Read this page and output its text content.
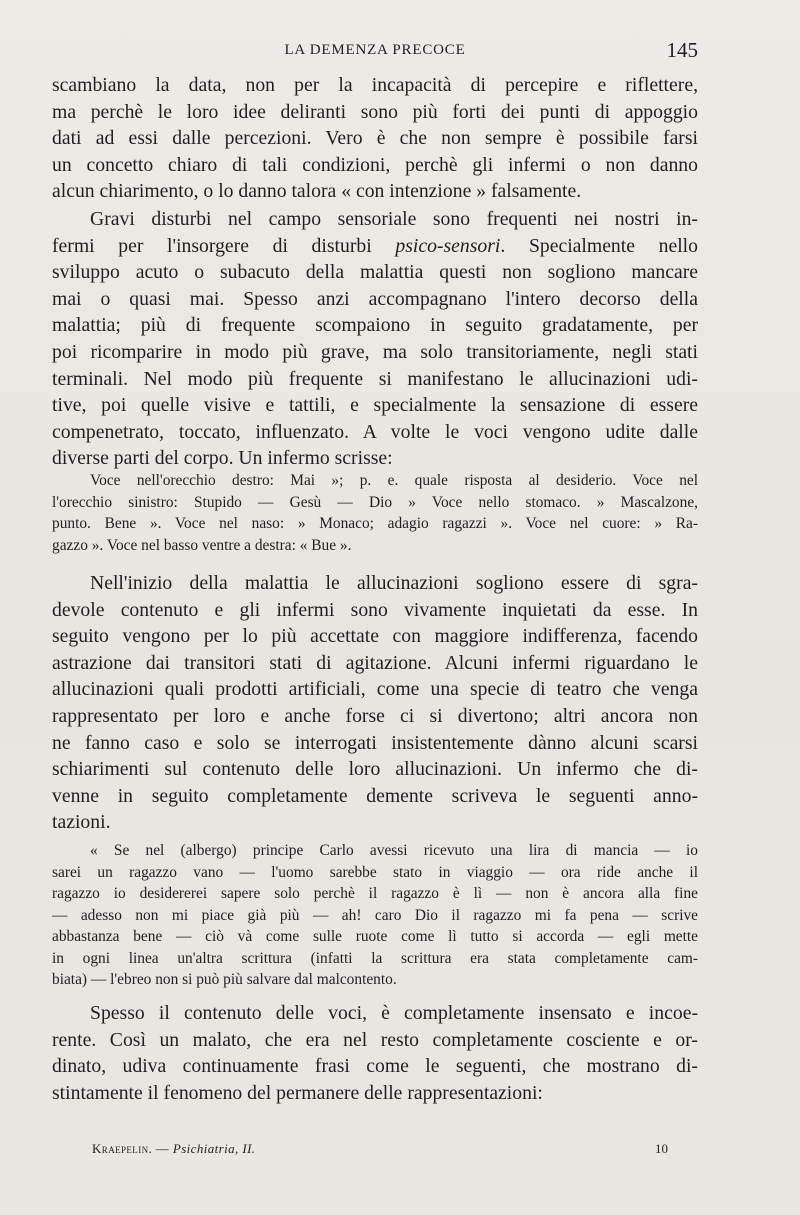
LA DEMENZA PRECOCE	145

scambiano la data, non per la incapacità di percepire e riflettere,
ma perchè le loro idee deliranti sono più forti dei punti di appoggio
dati ad essi dalle percezioni. Vero è che non sempre è possibile farsi
un concetto chiaro di tali condizioni, perchè gli infermi o non danno
alcun chiarimento, o lo danno talora « con intenzione » falsamente.

Gravi disturbi nel campo sensoriale sono frequenti nei nostri in-
fermi per l'insorgere di disturbi psico-sensori. Specialmente nello
sviluppo acuto o subacuto della malattia questi non sogliono mancare
mai o quasi mai. Spesso anzi accompagnano l'intero decorso della
malattia; più di frequente scompaiono in seguito gradatamente, per
poi ricomparire in modo più grave, ma solo transitoriamente, negli stati
terminali. Nel modo più frequente si manifestano le allucinazioni udi-
tive, poi quelle visive e tattili, e specialmente la sensazione di essere
compenetrato, toccato, influenzato. A volte le voci vengono udite dalle
diverse parti del corpo. Un infermo scrisse:

Voce nell'orecchio destro: Mai »; p. e. quale risposta al desiderio. Voce nel
l'orecchio sinistro: Stupido — Gesù — Dio » Voce nello stomaco. » Mascalzone,
punto. Bene ». Voce nel naso: » Monaco; adagio ragazzi ». Voce nel cuore: » Ra-
gazzo ». Voce nel basso ventre a destra: « Bue ».

Nell'inizio della malattia le allucinazioni sogliono essere di sgra-
devole contenuto e gli infermi sono vivamente inquietati da esse. In
seguito vengono per lo più accettate con maggiore indifferenza, facendo
astrazione dai transitori stati di agitazione. Alcuni infermi riguardano le
allucinazioni quali prodotti artificiali, come una specie di teatro che venga
rappresentato per loro e anche forse ci si divertono; altri ancora non
ne fanno caso e solo se interrogati insistentemente dànno alcuni scarsi
schiarimenti sul contenuto delle loro allucinazioni. Un infermo che di-
venne in seguito completamente demente scriveva le seguenti anno-
tazioni.

« Se nel (albergo) principe Carlo avessi ricevuto una lira di mancia — io
sarei un ragazzo vano — l'uomo sarebbe stato in viaggio — ora ride anche il
ragazzo io desidererei sapere solo perchè il ragazzo è lì — non è ancora alla fine
— adesso non mi piace già più — ah! caro Dio il ragazzo mi fa pena — scrive
abbastanza bene — ciò và come sulle ruote come lì tutto si accorda — egli mette
in ogni linea un'altra scrittura (infatti la scrittura era stata completamente cam-
biata) — l'ebreo non si può più salvare dal malcontento.

Spesso il contenuto delle voci, è completamente insensato e incoe-
rente. Così un malato, che era nel resto completamente cosciente e or-
dinato, udiva continuamente frasi come le seguenti, che mostrano di-
stintamente il fenomeno del permanere delle rappresentazioni:

Kraepelin. — Psichiatria, II.	10
